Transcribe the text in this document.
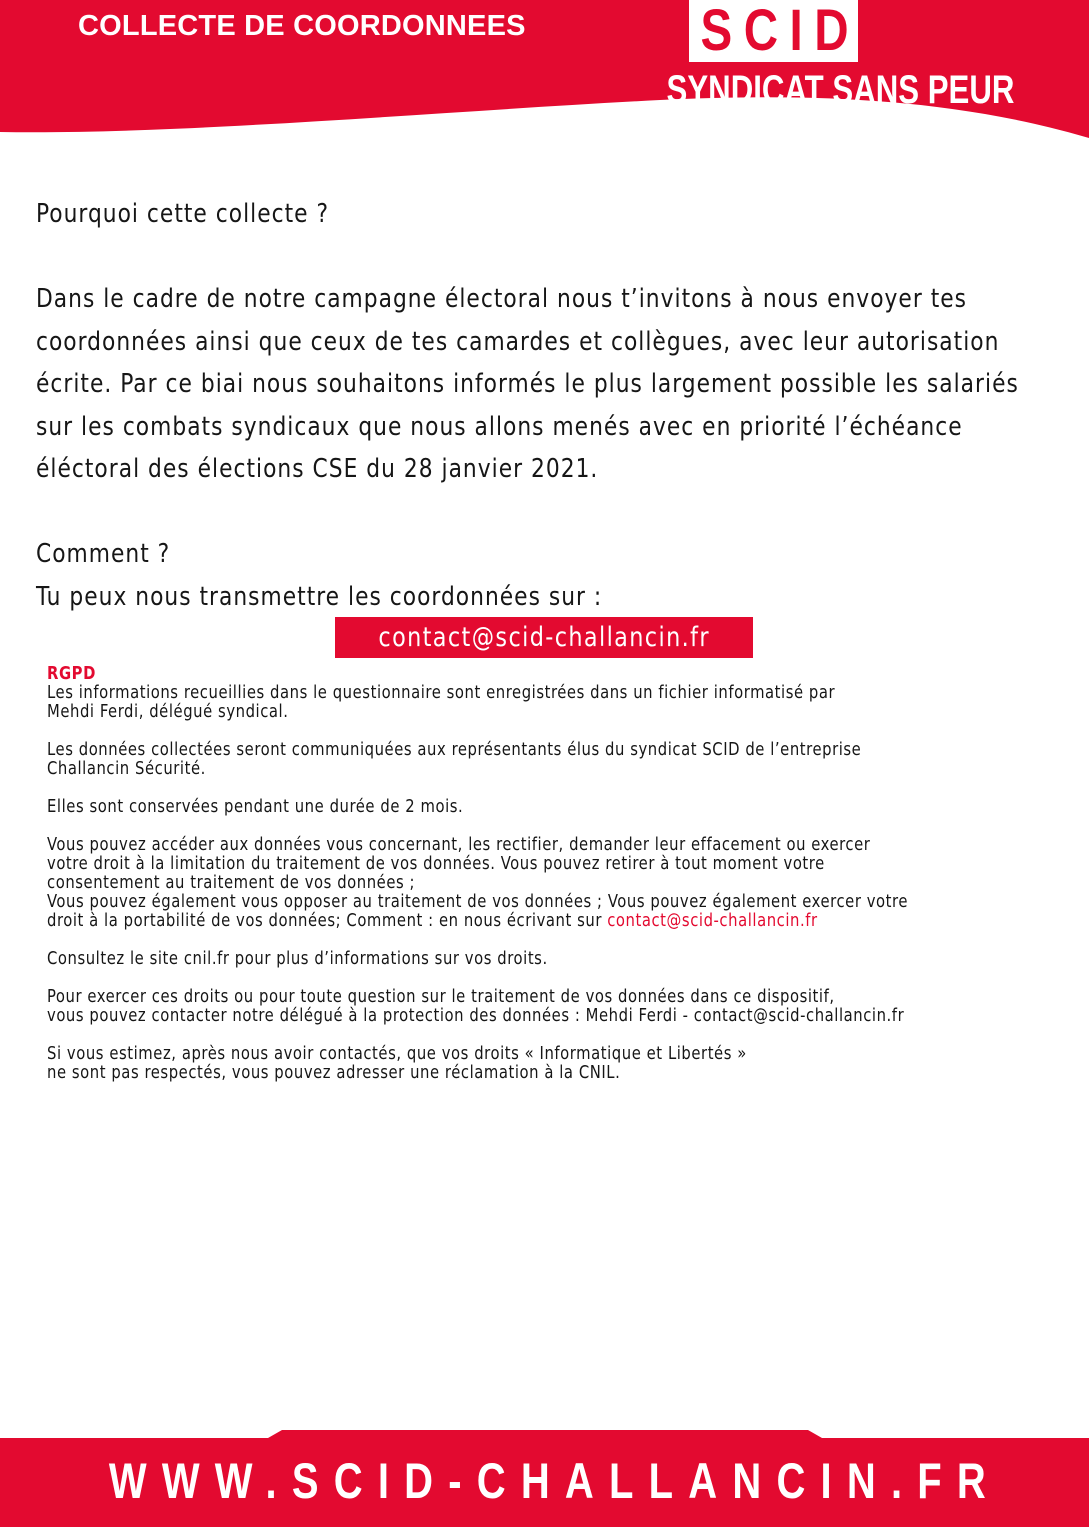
COLLECTE DE COORDONNEES	SCID
SYNDICAT SANS PEUR
Pourquoi cette collecte ?
Dans le cadre de notre campagne électoral nous t’invitons à nous envoyer tes
coordonnées ainsi que ceux de tes camardes et collègues, avec leur autorisation
écrite. Par ce biai nous souhaitons informés le plus largement possible les salariés
sur les combats syndicaux que nous allons menés avec en priorité l’échéance
éléctoral des élections CSE du 28 janvier 2021.
Comment ?
Tu peux nous transmettre les coordonnées sur :
contact@scid-challancin.fr

RGPD
Les informations recueillies dans le questionnaire sont enregistrées dans un fichier informatisé par
Mehdi Ferdi, délégué syndical.

Les données collectées seront communiquées aux représentants élus du syndicat SCID de l’entreprise
Challancin Sécurité.

Elles sont conservées pendant une durée de 2 mois.

Vous pouvez accéder aux données vous concernant, les rectifier, demander leur effacement ou exercer
votre droit à la limitation du traitement de vos données. Vous pouvez retirer à tout moment votre
consentement au traitement de vos données ;
Vous pouvez également vous opposer au traitement de vos données ; Vous pouvez également exercer votre
droit à la portabilité de vos données; Comment : en nous écrivant sur contact@scid-challancin.fr

Consultez le site cnil.fr pour plus d’informations sur vos droits.

Pour exercer ces droits ou pour toute question sur le traitement de vos données dans ce dispositif,
vous pouvez contacter notre délégué à la protection des données : Mehdi Ferdi - contact@scid-challancin.fr

Si vous estimez, après nous avoir contactés, que vos droits « Informatique et Libertés »
ne sont pas respectés, vous pouvez adresser une réclamation à la CNIL.

WWW.SCID-CHALLANCIN.FR
